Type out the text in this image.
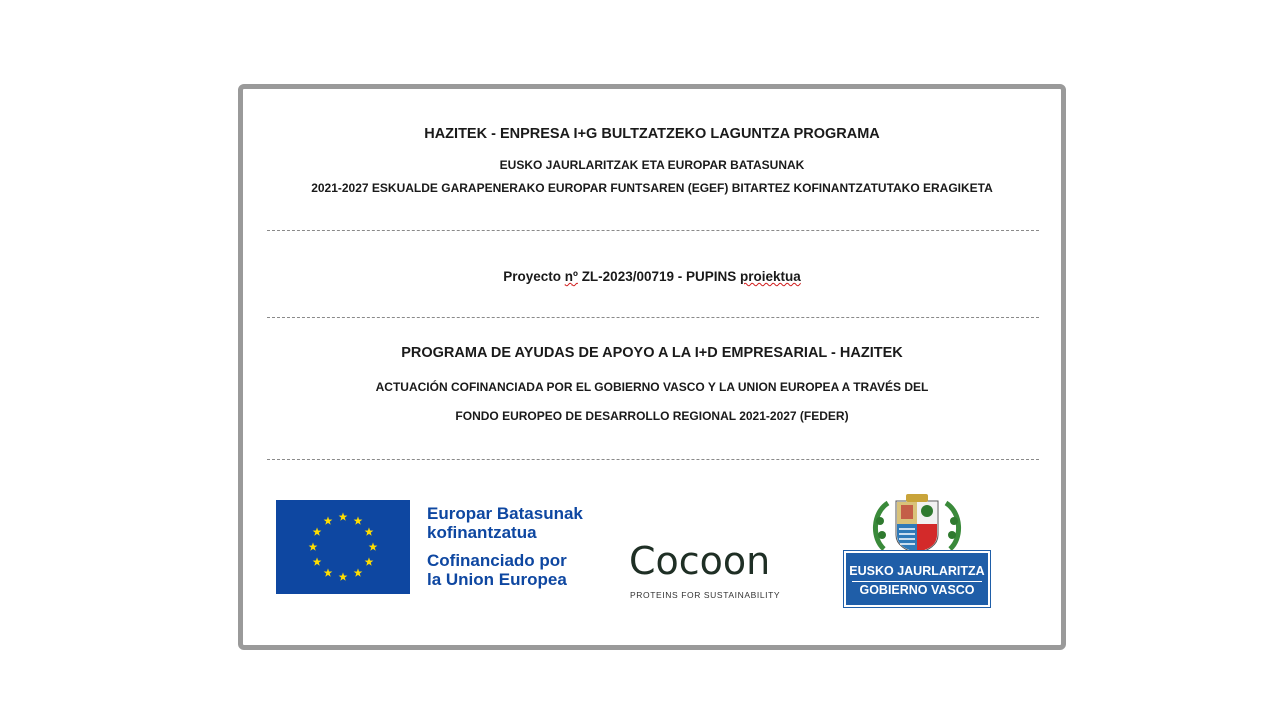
HAZITEK - ENPRESA I+G BULTZATZEKO LAGUNTZA PROGRAMA
EUSKO JAURLARITZAK ETA EUROPAR BATASUNAK
2021-2027 ESKUALDE GARAPENERAKO EUROPAR FUNTSAREN (EGEF) BITARTEZ KOFINANTZATUTAKO ERAGIKETA
Proyecto nº ZL-2023/00719 - PUPINS proiektua
PROGRAMA DE AYUDAS DE APOYO A LA I+D EMPRESARIAL - HAZITEK
ACTUACIÓN COFINANCIADA POR EL GOBIERNO VASCO Y LA UNION EUROPEA A TRAVÉS DEL
FONDO EUROPEO DE DESARROLLO REGIONAL 2021-2027 (FEDER)
Europar Batasunak
kofinantzatua
Cofinanciado por
la Union Europea Cocoon
PROTEINS FOR SUSTAINABILITY
EUSKO JAURLARITZA
GOBIERNO VASCO
